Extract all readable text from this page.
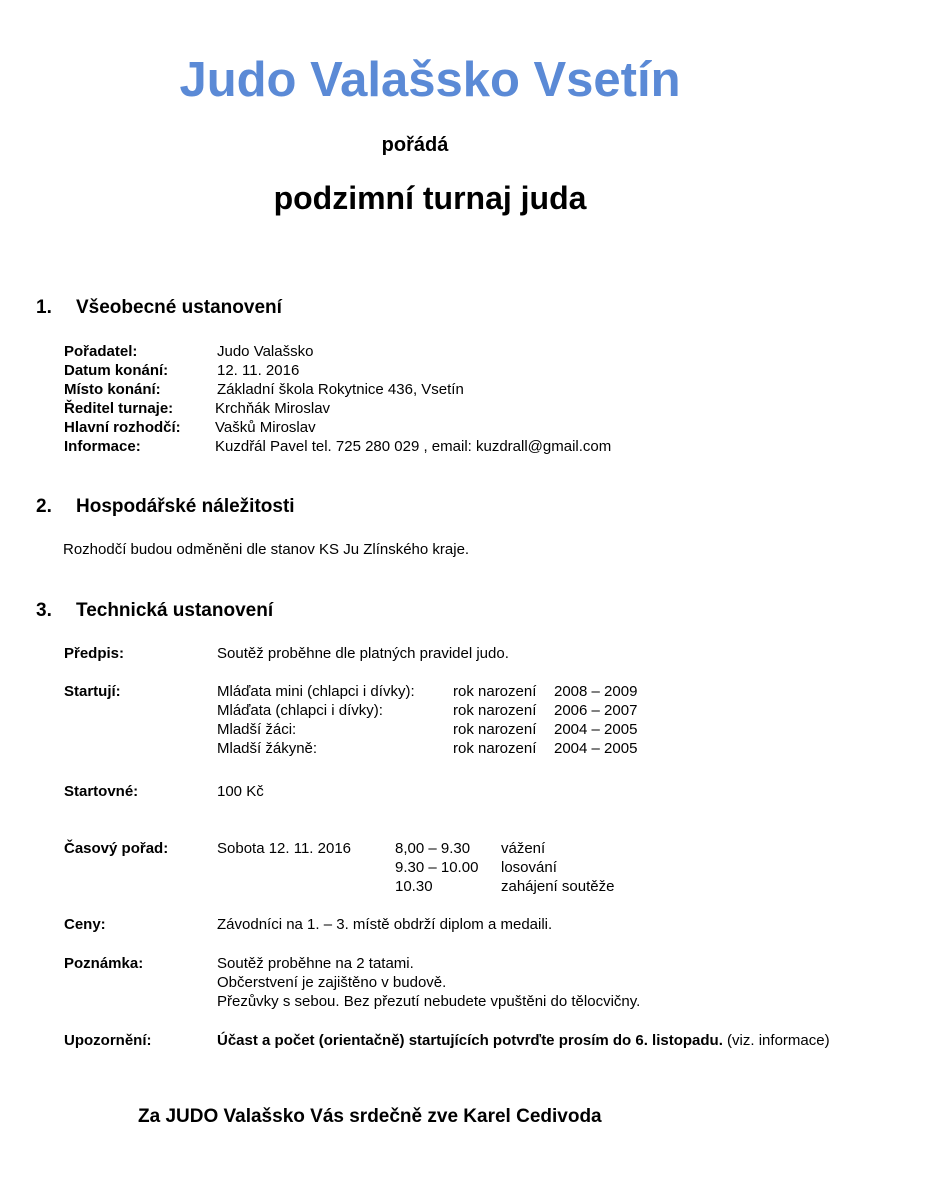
Judo Valašsko Vsetín
pořádá
podzimní turnaj juda
1. Všeobecné ustanovení
Pořadatel:	Judo Valašsko
Datum konání:	12. 11. 2016
Místo konání:	Základní škola Rokytnice 436, Vsetín
Ředitel turnaje:	Krchňák Miroslav
Hlavní rozhodčí: Vašků Miroslav
Informace:	Kuzdřál Pavel tel. 725 280 029 , email: kuzdrall@gmail.com
2. Hospodářské náležitosti
Rozhodčí budou odměněni dle stanov KS Ju Zlínského kraje.
3. Technická ustanovení
Předpis:	Soutěž proběhne dle platných pravidel judo.
Startují:	Mláďata mini (chlapci i dívky):	rok narození 2008 – 2009
Mláďata (chlapci i dívky):	rok narození 2006 – 2007
Mladší žáci:	rok narození 2004 – 2005
Mladší žákyně:	rok narození 2004 – 2005
Startovné:	100 Kč
Časový pořad:	Sobota 12. 11. 2016	8,00 – 9.30 vážení
9.30 – 10.00 losování
10.30	zahájení soutěže
Ceny:	Závodníci na 1. – 3. místě obdrží diplom a medaili.
Poznámka:	Soutěž proběhne na 2 tatami.
Občerstvení je zajištěno v budově.
Přezůvky s sebou. Bez přezutí nebudete vpuštěni do tělocvičny.
Upozornění:	Účast a počet (orientačně) startujících potvrďte prosím do 6. listopadu. (viz. informace)
Za JUDO Valašsko Vás srdečně zve Karel Cedivoda
